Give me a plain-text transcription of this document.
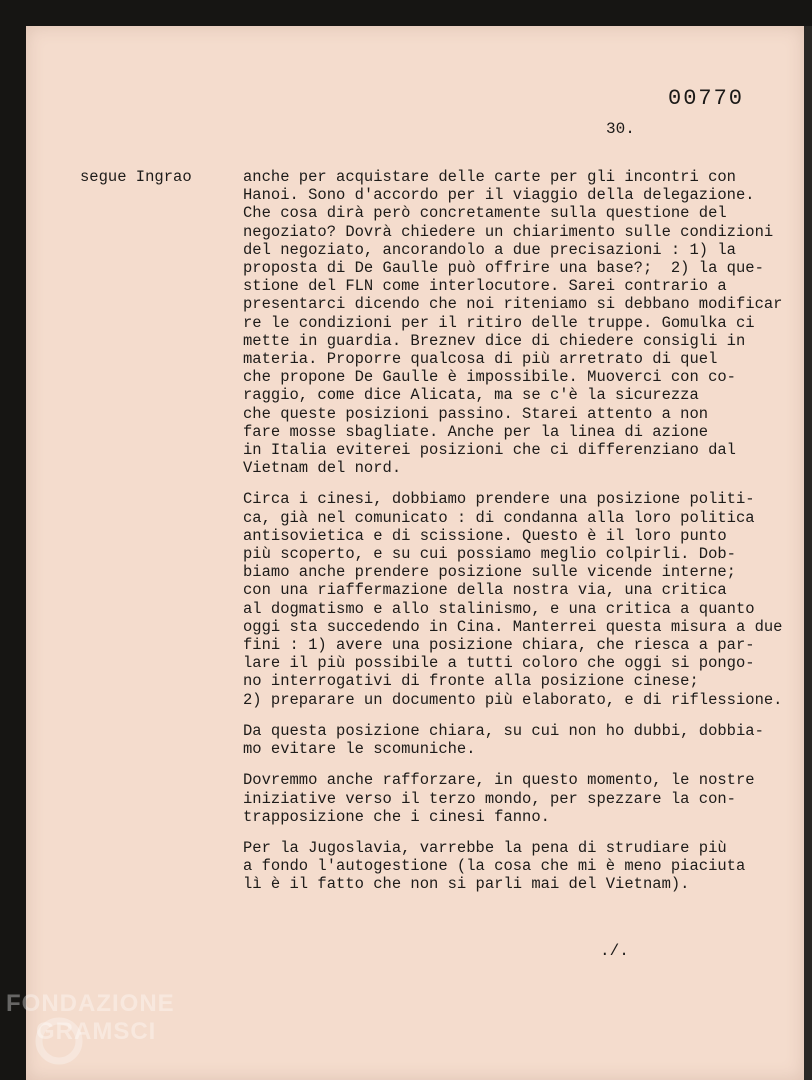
00770
30.
segue Ingrao	anche per acquistare delle carte per gli incontri con
Hanoi. Sono d'accordo per il viaggio della delegazione.
Che cosa dirà però concretamente sulla questione del
negoziato? Dovrà chiedere un chiarimento sulle condizioni
del negoziato, ancorandolo a due precisazioni : 1) la
proposta di De Gaulle può offrire una base?;  2) la que-
stione del FLN come interlocutore. Sarei contrario a
presentarci dicendo che noi riteniamo si debbano modificar
re le condizioni per il ritiro delle truppe. Gomulka ci
mette in guardia. Breznev dice di chiedere consigli in
materia. Proporre qualcosa di più arretrato di quel
che propone De Gaulle è impossibile. Muoverci con co-
raggio, come dice Alicata, ma se c'è la sicurezza
che queste posizioni passino. Starei attento a non
fare mosse sbagliate. Anche per la linea di azione
in Italia eviterei posizioni che ci differenziano dal
Vietnam del nord.
Circa i cinesi, dobbiamo prendere una posizione politi-
ca, già nel comunicato : di condanna alla loro politica
antisovietica e di scissione. Questo è il loro punto
più scoperto, e su cui possiamo meglio colpirli. Dob-
biamo anche prendere posizione sulle vicende interne;
con una riaffermazione della nostra via, una critica
al dogmatismo e allo stalinismo, e una critica a quanto
oggi sta succedendo in Cina. Manterrei questa misura a due
fini : 1) avere una posizione chiara, che riesca a par-
lare il più possibile a tutti coloro che oggi si pongo-
no interrogativi di fronte alla posizione cinese;
2) preparare un documento più elaborato, e di riflessione.
Da questa posizione chiara, su cui non ho dubbi, dobbia-
mo evitare le scomuniche.
Dovremmo anche rafforzare, in questo momento, le nostre
iniziative verso il terzo mondo, per spezzare la con-
trapposizione che i cinesi fanno.
Per la Jugoslavia, varrebbe la pena di strudiare più
a fondo l'autogestione (la cosa che mi è meno piaciuta
lì è il fatto che non si parli mai del Vietnam).
./.
FONDAZIONE
GRAMSCI
